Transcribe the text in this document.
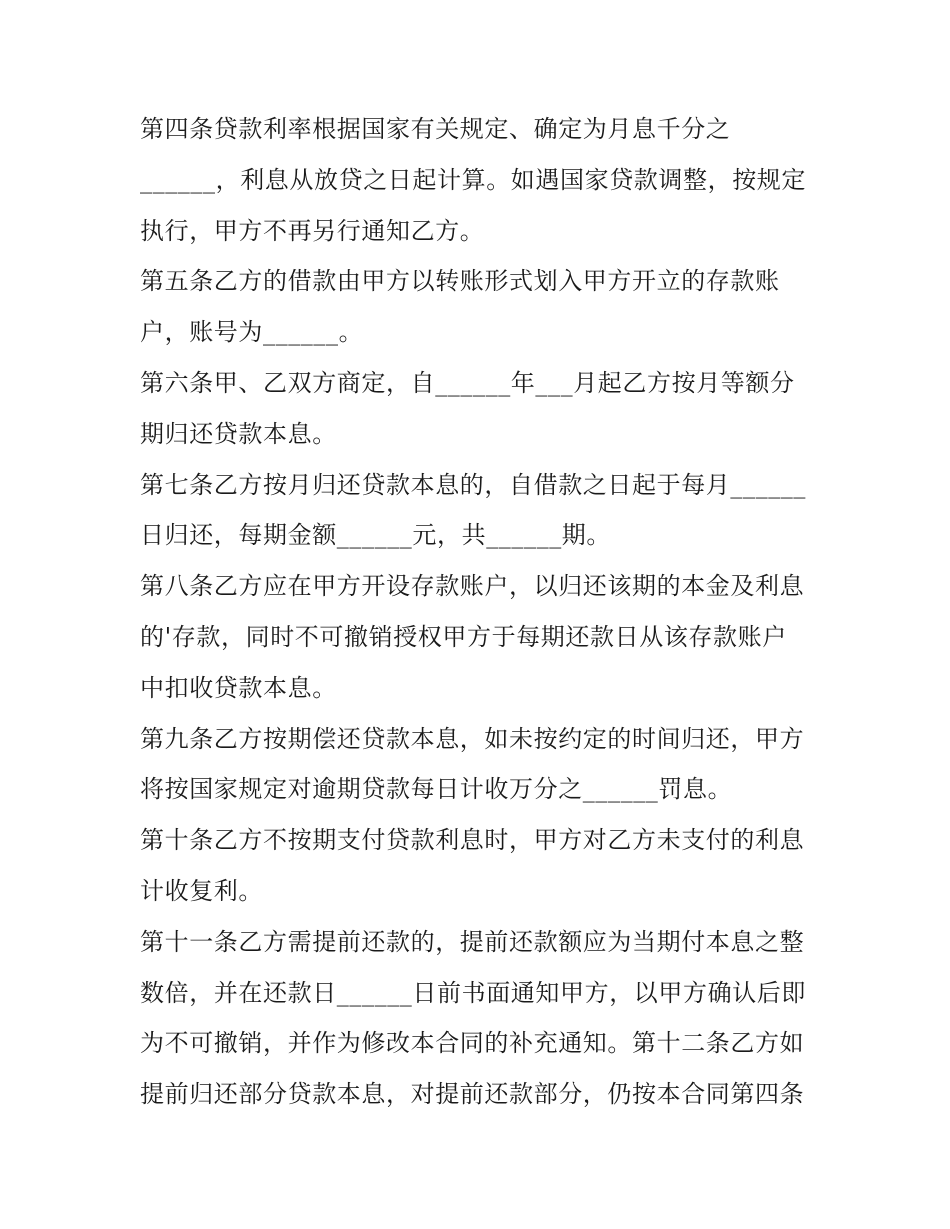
第四条贷款利率根据国家有关规定、确定为月息千分之
______，利息从放贷之日起计算。如遇国家贷款调整，按规定
执行，甲方不再另行通知乙方。
第五条乙方的借款由甲方以转账形式划入甲方开立的存款账
户，账号为______。
第六条甲、乙双方商定，自______年___月起乙方按月等额分
期归还贷款本息。
第七条乙方按月归还贷款本息的，自借款之日起于每月______
日归还，每期金额______元，共______期。
第八条乙方应在甲方开设存款账户，以归还该期的本金及利息
的'存款，同时不可撤销授权甲方于每期还款日从该存款账户
中扣收贷款本息。
第九条乙方按期偿还贷款本息，如未按约定的时间归还，甲方
将按国家规定对逾期贷款每日计收万分之______罚息。
第十条乙方不按期支付贷款利息时，甲方对乙方未支付的利息
计收复利。
第十一条乙方需提前还款的，提前还款额应为当期付本息之整
数倍，并在还款日______日前书面通知甲方，以甲方确认后即
为不可撤销，并作为修改本合同的补充通知。第十二条乙方如
提前归还部分贷款本息，对提前还款部分，仍按本合同第四条
